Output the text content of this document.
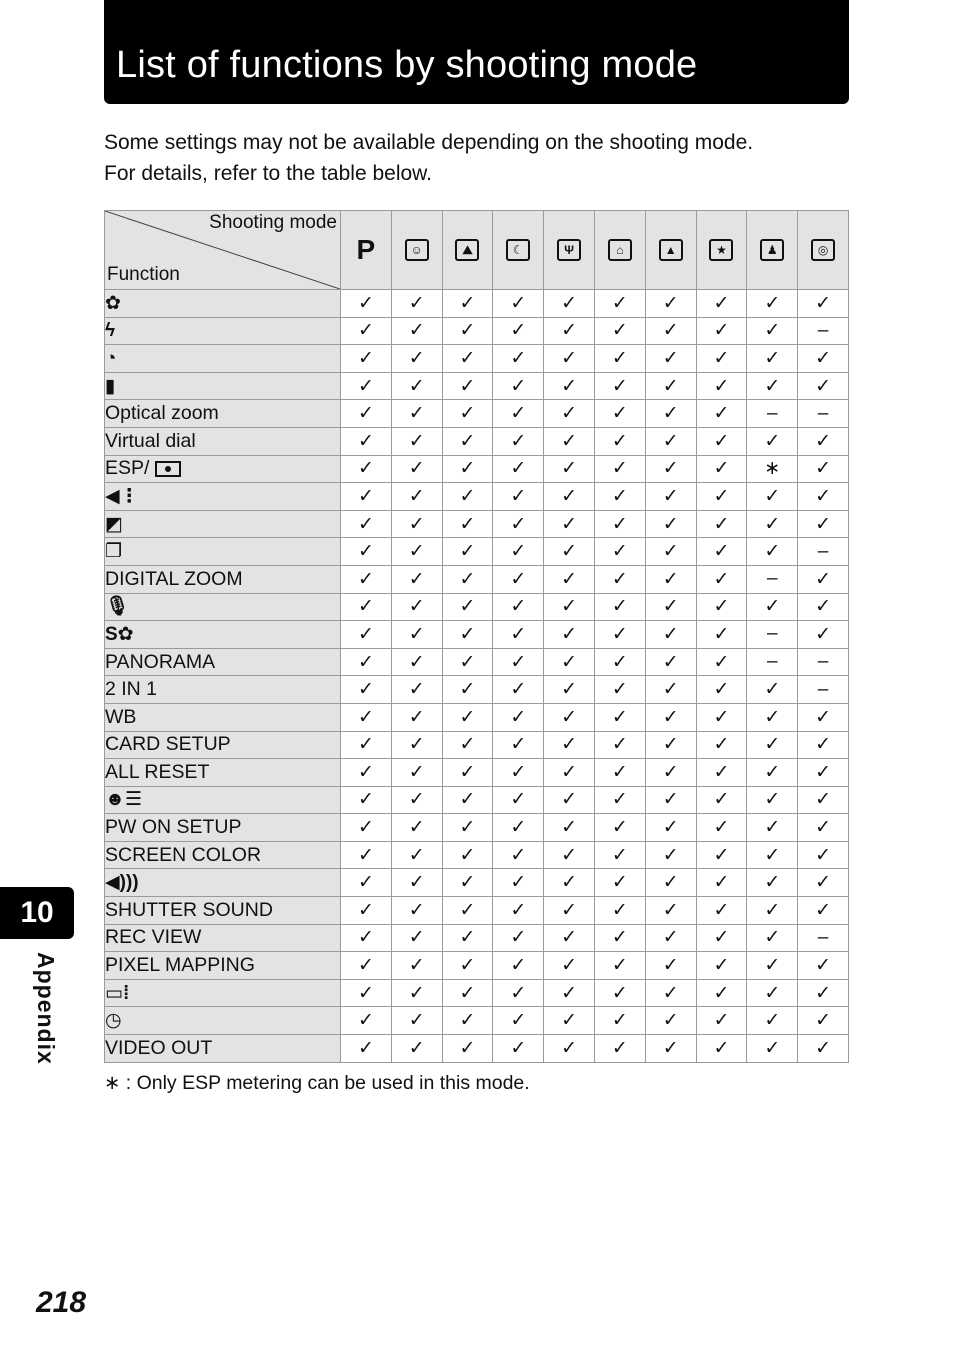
List of functions by shooting mode

Some settings may not be available depending on the shooting mode.

For details, refer to the table below.

Shooting mode
Function	P	☺	⛰	☾	Ψ	⌂	▲	★	♟	◎

✿	✓	✓	✓	✓	✓	✓	✓	✓	✓	✓
ϟ	✓	✓	✓	✓	✓	✓	✓	✓	✓	–
◔	✓	✓	✓	✓	✓	✓	✓	✓	✓	✓
▮	✓	✓	✓	✓	✓	✓	✓	✓	✓	✓
Optical zoom	✓	✓	✓	✓	✓	✓	✓	✓	–	–
Virtual dial	✓	✓	✓	✓	✓	✓	✓	✓	✓	✓
ESP/	✓	✓	✓	✓	✓	✓	✓	✓	∗	✓
◀⋮	✓	✓	✓	✓	✓	✓	✓	✓	✓	✓
◩	✓	✓	✓	✓	✓	✓	✓	✓	✓	✓
❐	✓	✓	✓	✓	✓	✓	✓	✓	✓	–
DIGITAL ZOOM	✓	✓	✓	✓	✓	✓	✓	✓	–	✓
🎙	✓	✓	✓	✓	✓	✓	✓	✓	✓	✓
S✿	✓	✓	✓	✓	✓	✓	✓	✓	–	✓
PANORAMA	✓	✓	✓	✓	✓	✓	✓	✓	–	–
2 IN 1	✓	✓	✓	✓	✓	✓	✓	✓	✓	–
WB	✓	✓	✓	✓	✓	✓	✓	✓	✓	✓
CARD SETUP	✓	✓	✓	✓	✓	✓	✓	✓	✓	✓
ALL RESET	✓	✓	✓	✓	✓	✓	✓	✓	✓	✓
☻☰	✓	✓	✓	✓	✓	✓	✓	✓	✓	✓
PW ON SETUP	✓	✓	✓	✓	✓	✓	✓	✓	✓	✓
SCREEN COLOR	✓	✓	✓	✓	✓	✓	✓	✓	✓	✓
◀)))	✓	✓	✓	✓	✓	✓	✓	✓	✓	✓
SHUTTER SOUND	✓	✓	✓	✓	✓	✓	✓	✓	✓	✓
REC VIEW	✓	✓	✓	✓	✓	✓	✓	✓	✓	–
PIXEL MAPPING	✓	✓	✓	✓	✓	✓	✓	✓	✓	✓
▭⁞	✓	✓	✓	✓	✓	✓	✓	✓	✓	✓
◷	✓	✓	✓	✓	✓	✓	✓	✓	✓	✓
VIDEO OUT	✓	✓	✓	✓	✓	✓	✓	✓	✓	✓
∗ : Only ESP metering can be used in this mode.
10
Appendix
218
